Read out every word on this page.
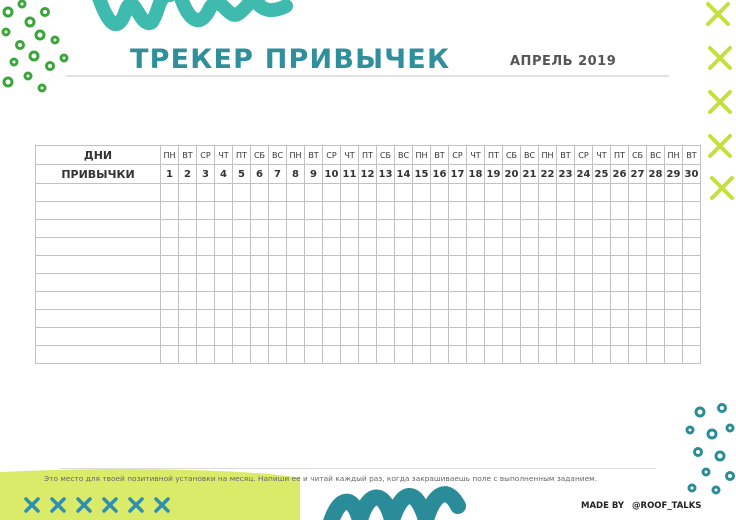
ТРЕКЕР ПРИВЫЧЕК	АПРЕЛЬ 2019
ДНИ	ПН	ВТ	СР	ЧТ	ПТ	СБ	ВС	ПН	ВТ	СР	ЧТ	ПТ	СБ	ВС	ПН	ВТ	СР	ЧТ	ПТ	СБ	ВС	ПН	ВТ	СР	ЧТ	ПТ	СБ	ВС	ПН	ВТ
ПРИВЫЧКИ	1	2	3	4	5	6	7	8	9	10	11	12	13	14	15	16	17	18	19	20	21	22	23	24	25	26	27	28	29	30

Это место для твоей позитивной установки на месяц. Напиши ее и читай каждый раз, когда закрашиваешь поле с выполненным заданием.
MADE BY @ROOF_TALKS
